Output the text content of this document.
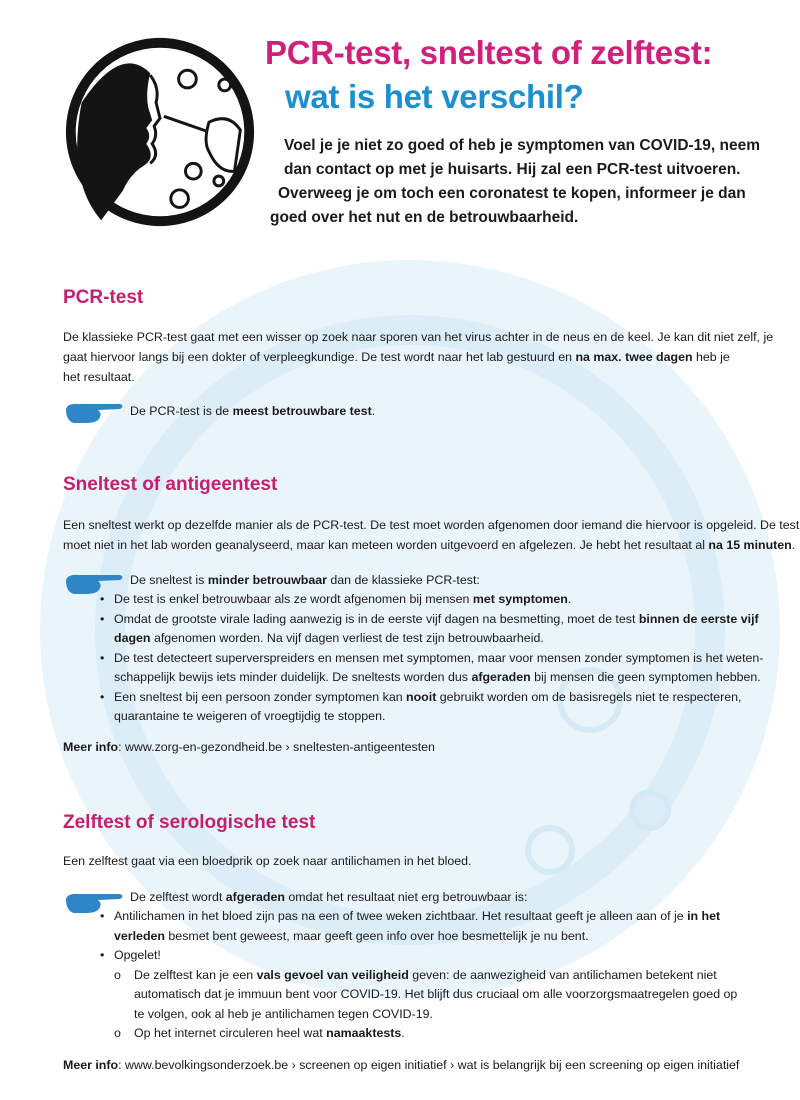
PCR-test, sneltest of zelftest:
wat is het verschil?
Voel je je niet zo goed of heb je symptomen van COVID-19, neem
dan contact op met je huisarts. Hij zal een PCR-test uitvoeren.
Overweeg je om toch een coronatest te kopen, informeer je dan
goed over het nut en de betrouwbaarheid.
PCR-test
De klassieke PCR-test gaat met een wisser op zoek naar sporen van het virus achter in de neus en de keel. Je kan dit niet zelf, je
gaat hiervoor langs bij een dokter of verpleegkundige. De test wordt naar het lab gestuurd en na max. twee dagen heb je
het resultaat.
De PCR-test is de meest betrouwbare test.
Sneltest of antigeentest
Een sneltest werkt op dezelfde manier als de PCR-test. De test moet worden afgenomen door iemand die hiervoor is opgeleid. De test
moet niet in het lab worden geanalyseerd, maar kan meteen worden uitgevoerd en afgelezen. Je hebt het resultaat al na 15 minuten.
De sneltest is minder betrouwbaar dan de klassieke PCR-test:
• De test is enkel betrouwbaar als ze wordt afgenomen bij mensen met symptomen.
• Omdat de grootste virale lading aanwezig is in de eerste vijf dagen na besmetting, moet de test binnen de eerste vijf
dagen afgenomen worden. Na vijf dagen verliest de test zijn betrouwbaarheid.
• De test detecteert superverspreiders en mensen met symptomen, maar voor mensen zonder symptomen is het weten-
schappelijk bewijs iets minder duidelijk. De sneltests worden dus afgeraden bij mensen die geen symptomen hebben.
• Een sneltest bij een persoon zonder symptomen kan nooit gebruikt worden om de basisregels niet te respecteren,
quarantaine te weigeren of vroegtijdig te stoppen.
Meer info: www.zorg-en-gezondheid.be › sneltesten-antigeentesten
Zelftest of serologische test
Een zelftest gaat via een bloedprik op zoek naar antilichamen in het bloed.
De zelftest wordt afgeraden omdat het resultaat niet erg betrouwbaar is:
• Antilichamen in het bloed zijn pas na een of twee weken zichtbaar. Het resultaat geeft je alleen aan of je in het
verleden besmet bent geweest, maar geeft geen info over hoe besmettelijk je nu bent.
• Opgelet!
o De zelftest kan je een vals gevoel van veiligheid geven: de aanwezigheid van antilichamen betekent niet
automatisch dat je immuun bent voor COVID-19. Het blijft dus cruciaal om alle voorzorgsmaatregelen goed op
te volgen, ook al heb je antilichamen tegen COVID-19.
o Op het internet circuleren heel wat namaaktests.
Meer info: www.bevolkingsonderzoek.be › screenen op eigen initiatief › wat is belangrijk bij een screening op eigen initiatief
